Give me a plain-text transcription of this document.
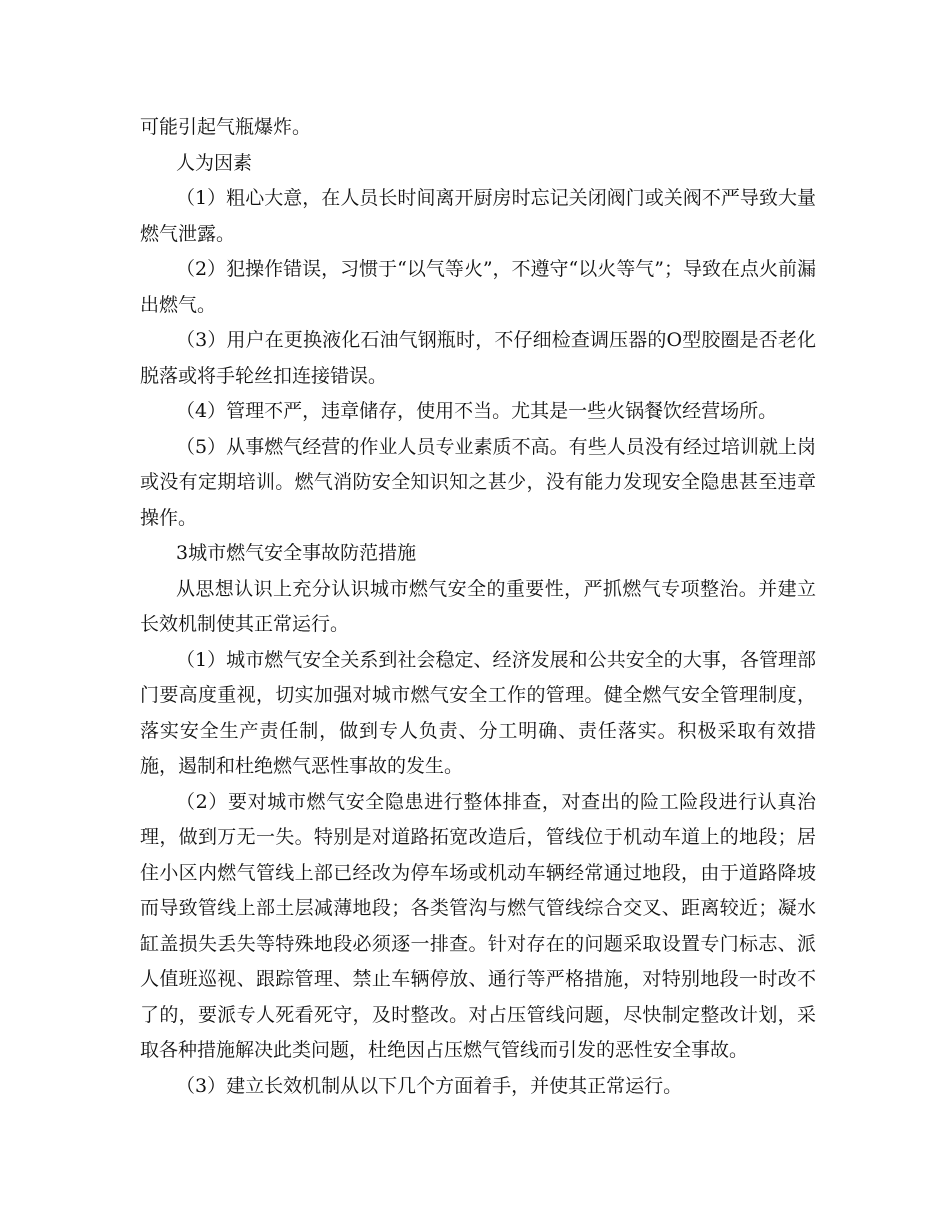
可能引起气瓶爆炸。

人为因素

（1）粗心大意，在人员长时间离开厨房时忘记关闭阀门或关阀不严导致大量燃气泄露。

（2）犯操作错误，习惯于“以气等火”，不遵守“以火等气”；导致在点火前漏出燃气。

（3）用户在更换液化石油气钢瓶时，不仔细检查调压器的O型胶圈是否老化脱落或将手轮丝扣连接错误。

（4）管理不严，违章储存，使用不当。尤其是一些火锅餐饮经营场所。

（5）从事燃气经营的作业人员专业素质不高。有些人员没有经过培训就上岗或没有定期培训。燃气消防安全知识知之甚少，没有能力发现安全隐患甚至违章操作。

3城市燃气安全事故防范措施

从思想认识上充分认识城市燃气安全的重要性，严抓燃气专项整治。并建立长效机制使其正常运行。

（1）城市燃气安全关系到社会稳定、经济发展和公共安全的大事，各管理部门要高度重视，切实加强对城市燃气安全工作的管理。健全燃气安全管理制度，落实安全生产责任制，做到专人负责、分工明确、责任落实。积极采取有效措施，遏制和杜绝燃气恶性事故的发生。

（2）要对城市燃气安全隐患进行整体排查，对查出的险工险段进行认真治理，做到万无一失。特别是对道路拓宽改造后，管线位于机动车道上的地段；居住小区内燃气管线上部已经改为停车场或机动车辆经常通过地段，由于道路降坡而导致管线上部土层减薄地段；各类管沟与燃气管线综合交叉、距离较近；凝水缸盖损失丢失等特殊地段必须逐一排查。针对存在的问题采取设置专门标志、派人值班巡视、跟踪管理、禁止车辆停放、通行等严格措施，对特别地段一时改不了的，要派专人死看死守，及时整改。对占压管线问题，尽快制定整改计划，采取各种措施解决此类问题，杜绝因占压燃气管线而引发的恶性安全事故。

（3）建立长效机制从以下几个方面着手，并使其正常运行。
